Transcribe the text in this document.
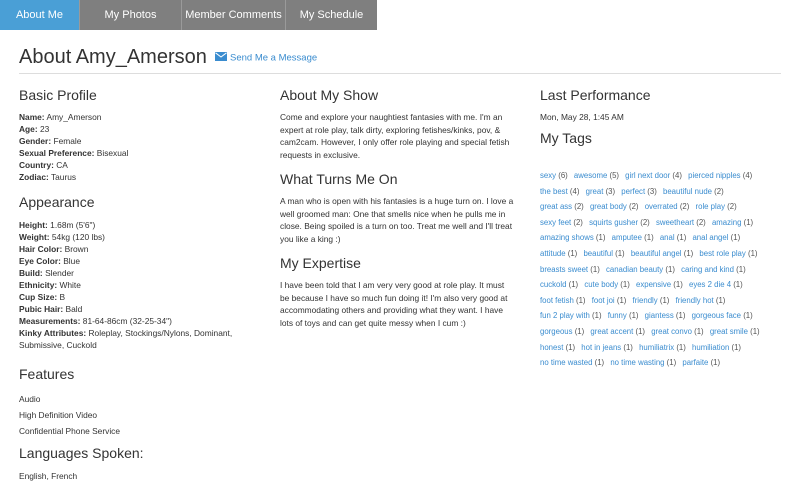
About Me	My Photos	Member Comments	My Schedule
About Amy_Amerson	Send Me a Message
Basic Profile
Name: Amy_Amerson
Age: 23
Gender: Female
Sexual Preference: Bisexual
Country: CA
Zodiac: Taurus
Appearance
Height: 1.68m (5'6")
Weight: 54kg (120 lbs)
Hair Color: Brown
Eye Color: Blue
Build: Slender
Ethnicity: White
Cup Size: B
Pubic Hair: Bald
Measurements: 81-64-86cm (32-25-34")
Kinky Attributes: Roleplay, Stockings/Nylons, Dominant, Submissive, Cuckold
Features
Audio
High Definition Video
Confidential Phone Service
Languages Spoken:
English, French
About My Show
Come and explore your naughtiest fantasies with me. I'm an expert at role play, talk dirty, exploring fetishes/kinks, pov, & cam2cam. However, I only offer role playing and special fetish requests in exclusive.
What Turns Me On
A man who is open with his fantasies is a huge turn on. I love a well groomed man: One that smells nice when he pulls me in close. Being spoiled is a turn on too. Treat me well and I'll treat you like a king :)
My Expertise
I have been told that I am very very good at role play. It must be because I have so much fun doing it! I'm also very good at accommodating others and providing what they want. I have lots of toys and can get quite messy when I cum :)
Last Performance
Mon, May 28, 1:45 AM
My Tags
sexy (6) awesome (5) girl next door (4) pierced nipples (4)
the best (4) great (3) perfect (3) beautiful nude (2)
great ass (2) great body (2) overrated (2) role play (2)
sexy feet (2) squirts gusher (2) sweetheart (2) amazing (1)
amazing shows (1) amputee (1) anal (1) anal angel (1)
attitude (1) beautiful (1) beautiful angel (1) best role play (1)
breasts sweet (1) canadian beauty (1) caring and kind (1)
cuckold (1) cute body (1) expensive (1) eyes 2 die 4 (1)
foot fetish (1) foot joi (1) friendly (1) friendly hot (1)
fun 2 play with (1) funny (1) giantess (1) gorgeous face (1)
gorgeous (1) great accent (1) great convo (1) great smile (1)
honest (1) hot in jeans (1) humiliatrix (1) humiliation (1)
no time wasted (1) no time wasting (1) parfaite (1)
